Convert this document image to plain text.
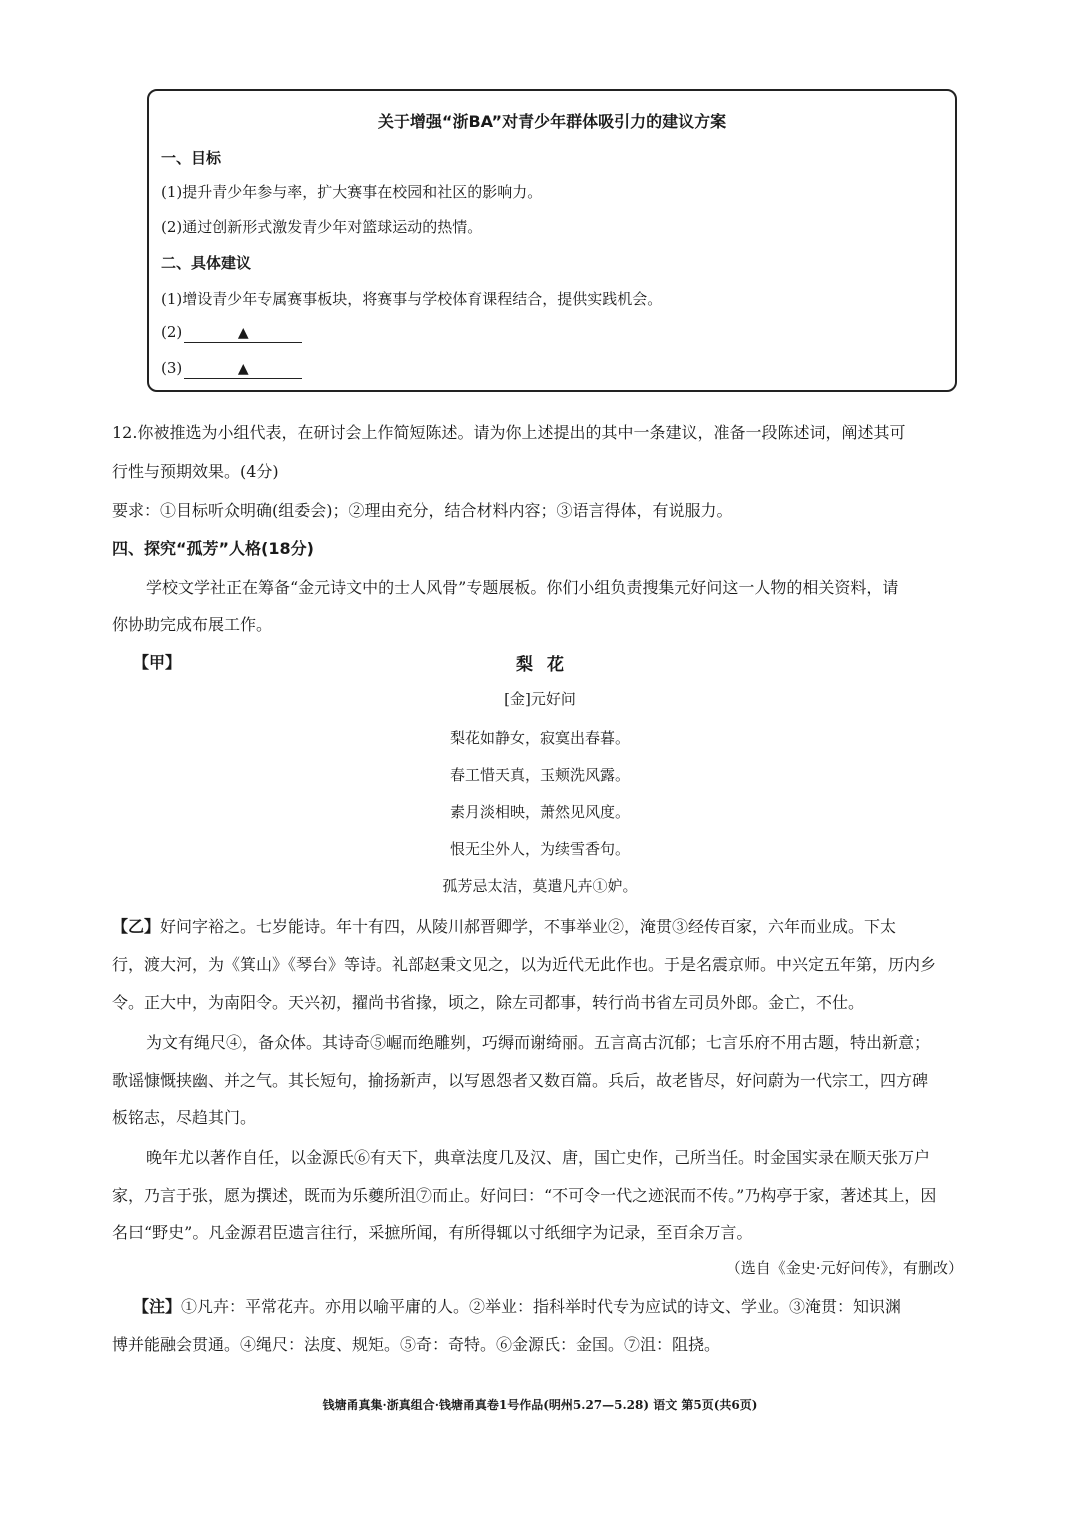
关于增强“浙BA”对青少年群体吸引力的建议方案
一、目标
(1)提升青少年参与率，扩大赛事在校园和社区的影响力。
(2)通过创新形式激发青少年对篮球运动的热情。
二、具体建议
(1)增设青少年专属赛事板块，将赛事与学校体育课程结合，提供实践机会。
(2)	▲
(3)	▲
12.你被推选为小组代表，在研讨会上作简短陈述。请为你上述提出的其中一条建议，准备一段陈述词，阐述其可
行性与预期效果。(4分)
要求：①目标听众明确(组委会)；②理由充分，结合材料内容；③语言得体，有说服力。
四、探究“孤芳”人格(18分)
学校文学社正在筹备“金元诗文中的士人风骨”专题展板。你们小组负责搜集元好问这一人物的相关资料，请
你协助完成布展工作。
【甲】	梨花
[金]元好问
梨花如静女，寂寞出春暮。
春工惜天真，玉颊洗风露。
素月淡相映，萧然见风度。
恨无尘外人，为续雪香句。
孤芳忌太洁，莫遣凡卉①妒。
【乙】好问字裕之。七岁能诗。年十有四，从陵川郝晋卿学，不事举业②，淹贯③经传百家，六年而业成。下太
行，渡大河，为《箕山》《琴台》等诗。礼部赵秉文见之，以为近代无此作也。于是名震京师。中兴定五年第，历内乡
令。正大中，为南阳令。天兴初，擢尚书省掾，顷之，除左司都事，转行尚书省左司员外郎。金亡，不仕。
为文有绳尺④，备众体。其诗奇⑤崛而绝雕刿，巧缛而谢绮丽。五言高古沉郁；七言乐府不用古题，特出新意；
歌谣慷慨挟幽、并之气。其长短句，揄扬新声，以写恩怨者又数百篇。兵后，故老皆尽，好问蔚为一代宗工，四方碑
板铭志，尽趋其门。
晚年尤以著作自任，以金源氏⑥有天下，典章法度几及汉、唐，国亡史作，己所当任。时金国实录在顺天张万户
家，乃言于张，愿为撰述，既而为乐夔所沮⑦而止。好问曰：“不可令一代之迹泯而不传。”乃构亭于家，著述其上，因
名曰“野史”。凡金源君臣遗言往行，采摭所闻，有所得辄以寸纸细字为记录，至百余万言。
（选自《金史·元好问传》，有删改）
【注】①凡卉：平常花卉。亦用以喻平庸的人。②举业：指科举时代专为应试的诗文、学业。③淹贯：知识渊
博并能融会贯通。④绳尺：法度、规矩。⑤奇：奇特。⑥金源氏：金国。⑦沮：阻挠。
钱塘甬真集·浙真组合·钱塘甬真卷1号作品(明州5.27—5.28) 语文 第5页(共6页)
